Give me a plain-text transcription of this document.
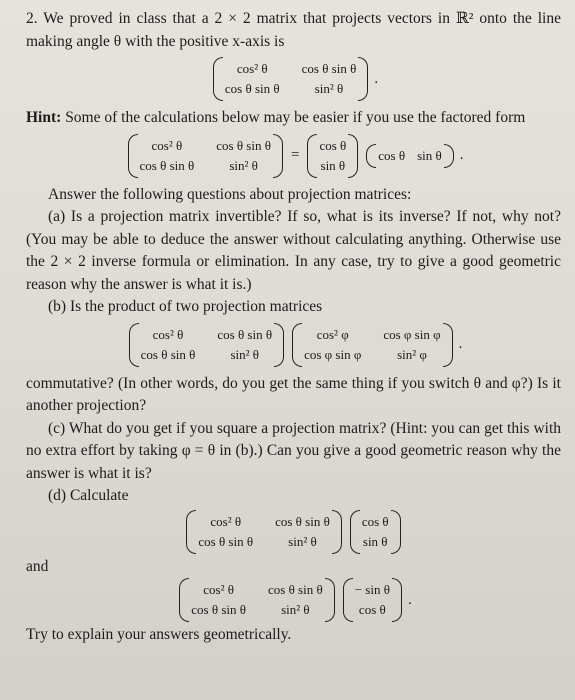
2. We proved in class that a 2 × 2 matrix that projects vectors in ℝ² onto the line making angle θ with the positive x-axis is

cos² θ	cos θ sin θ
cos θ sin θ	sin² θ
.

Hint: Some of the calculations below may be easier if you use the factored form

cos² θ	cos θ sin θ
cos θ sin θ	sin² θ
=
cos θ
sin θ
cos θ sin θ .

Answer the following questions about projection matrices:

(a) Is a projection matrix invertible? If so, what is its inverse? If not, why not? (You may be able to deduce the answer without calculating anything. Otherwise use the 2 × 2 inverse formula or elimination. In any case, try to give a good geometric reason why the answer is what it is.)

(b) Is the product of two projection matrices

cos² θ	cos θ sin θ
cos θ sin θ	sin² θ
cos² φ	cos φ sin φ
cos φ sin φ	sin² φ
.

commutative? (In other words, do you get the same thing if you switch θ and φ?) Is it another projection?

(c) What do you get if you square a projection matrix? (Hint: you can get this with no extra effort by taking φ = θ in (b).) Can you give a good geometric reason why the answer is what it is?

(d) Calculate

cos² θ	cos θ sin θ
cos θ sin θ	sin² θ
cos θ
sin θ

and

cos² θ	cos θ sin θ
cos θ sin θ	sin² θ
− sin θ
cos θ
.

Try to explain your answers geometrically.
